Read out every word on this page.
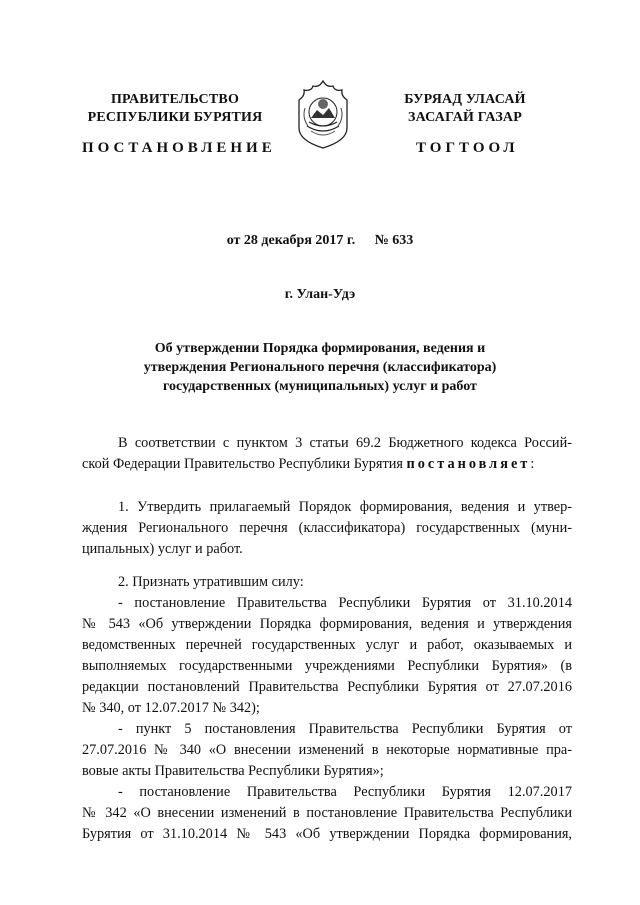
ПРАВИТЕЛЬСТВО
РЕСПУБЛИКИ БУРЯТИЯ
БУРЯАД УЛАСАЙ
ЗАСАГАЙ ГАЗАР
ПОСТАНОВЛЕНИЕ	ТОГТООЛ
от 28 декабря 2017 г. № 633
г. Улан-Удэ
Об утверждении Порядка формирования, ведения и
утверждения Регионального перечня (классификатора)
государственных (муниципальных) услуг и работ
В соответствии с пунктом 3 статьи 69.2 Бюджетного кодекса Россий-
ской Федерации Правительство Республики Бурятия постановляет:
1. Утвердить прилагаемый Порядок формирования, ведения и утвер-
ждения Регионального перечня (классификатора) государственных (муни-
ципальных) услуг и работ.
2. Признать утратившим силу:
- постановление Правительства Республики Бурятия от 31.10.2014
№ 543 «Об утверждении Порядка формирования, ведения и утверждения
ведомственных перечней государственных услуг и работ, оказываемых и
выполняемых государственными учреждениями Республики Бурятия» (в
редакции постановлений Правительства Республики Бурятия от 27.07.2016
№ 340, от 12.07.2017 № 342);
- пункт 5 постановления Правительства Республики Бурятия от
27.07.2016 № 340 «О внесении изменений в некоторые нормативные пра-
вовые акты Правительства Республики Бурятия»;
- постановление Правительства Республики Бурятия 12.07.2017
№ 342 «О внесении изменений в постановление Правительства Республики
Бурятия от 31.10.2014 № 543 «Об утверждении Порядка формирования,
